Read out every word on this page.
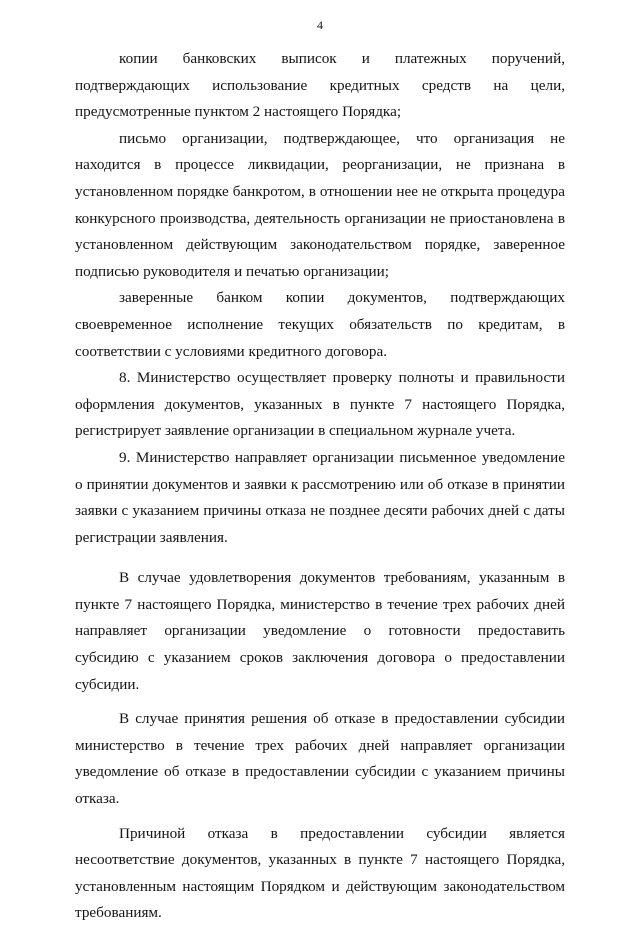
4

копии банковских выписок и платежных поручений, подтверждающих использование кредитных средств на цели, предусмотренные пунктом 2 настоящего Порядка;

письмо организации, подтверждающее, что организация не находится в процессе ликвидации, реорганизации, не признана в установленном порядке банкротом, в отношении нее не открыта процедура конкурсного производства, деятельность организации не приостановлена в установленном действующим законодательством порядке, заверенное подписью руководителя и печатью организации;

заверенные банком копии документов, подтверждающих своевременное исполнение текущих обязательств по кредитам, в соответствии с условиями кредитного договора.

8. Министерство осуществляет проверку полноты и правильности оформления документов, указанных в пункте 7 настоящего Порядка, регистрирует заявление организации в специальном журнале учета.

9. Министерство направляет организации письменное уведомление о принятии документов и заявки к рассмотрению или об отказе в принятии заявки с указанием причины отказа не позднее десяти рабочих дней с даты регистрации заявления.

В случае удовлетворения документов требованиям, указанным в пункте 7 настоящего Порядка, министерство в течение трех рабочих дней направляет организации уведомление о готовности предоставить субсидию с указанием сроков заключения договора о предоставлении субсидии.

В случае принятия решения об отказе в предоставлении субсидии министерство в течение трех рабочих дней направляет организации уведомление об отказе в предоставлении субсидии с указанием причины отказа.

Причиной отказа в предоставлении субсидии является несоответствие документов, указанных в пункте 7 настоящего Порядка, установленным настоящим Порядком и действующим законодательством требованиям.
